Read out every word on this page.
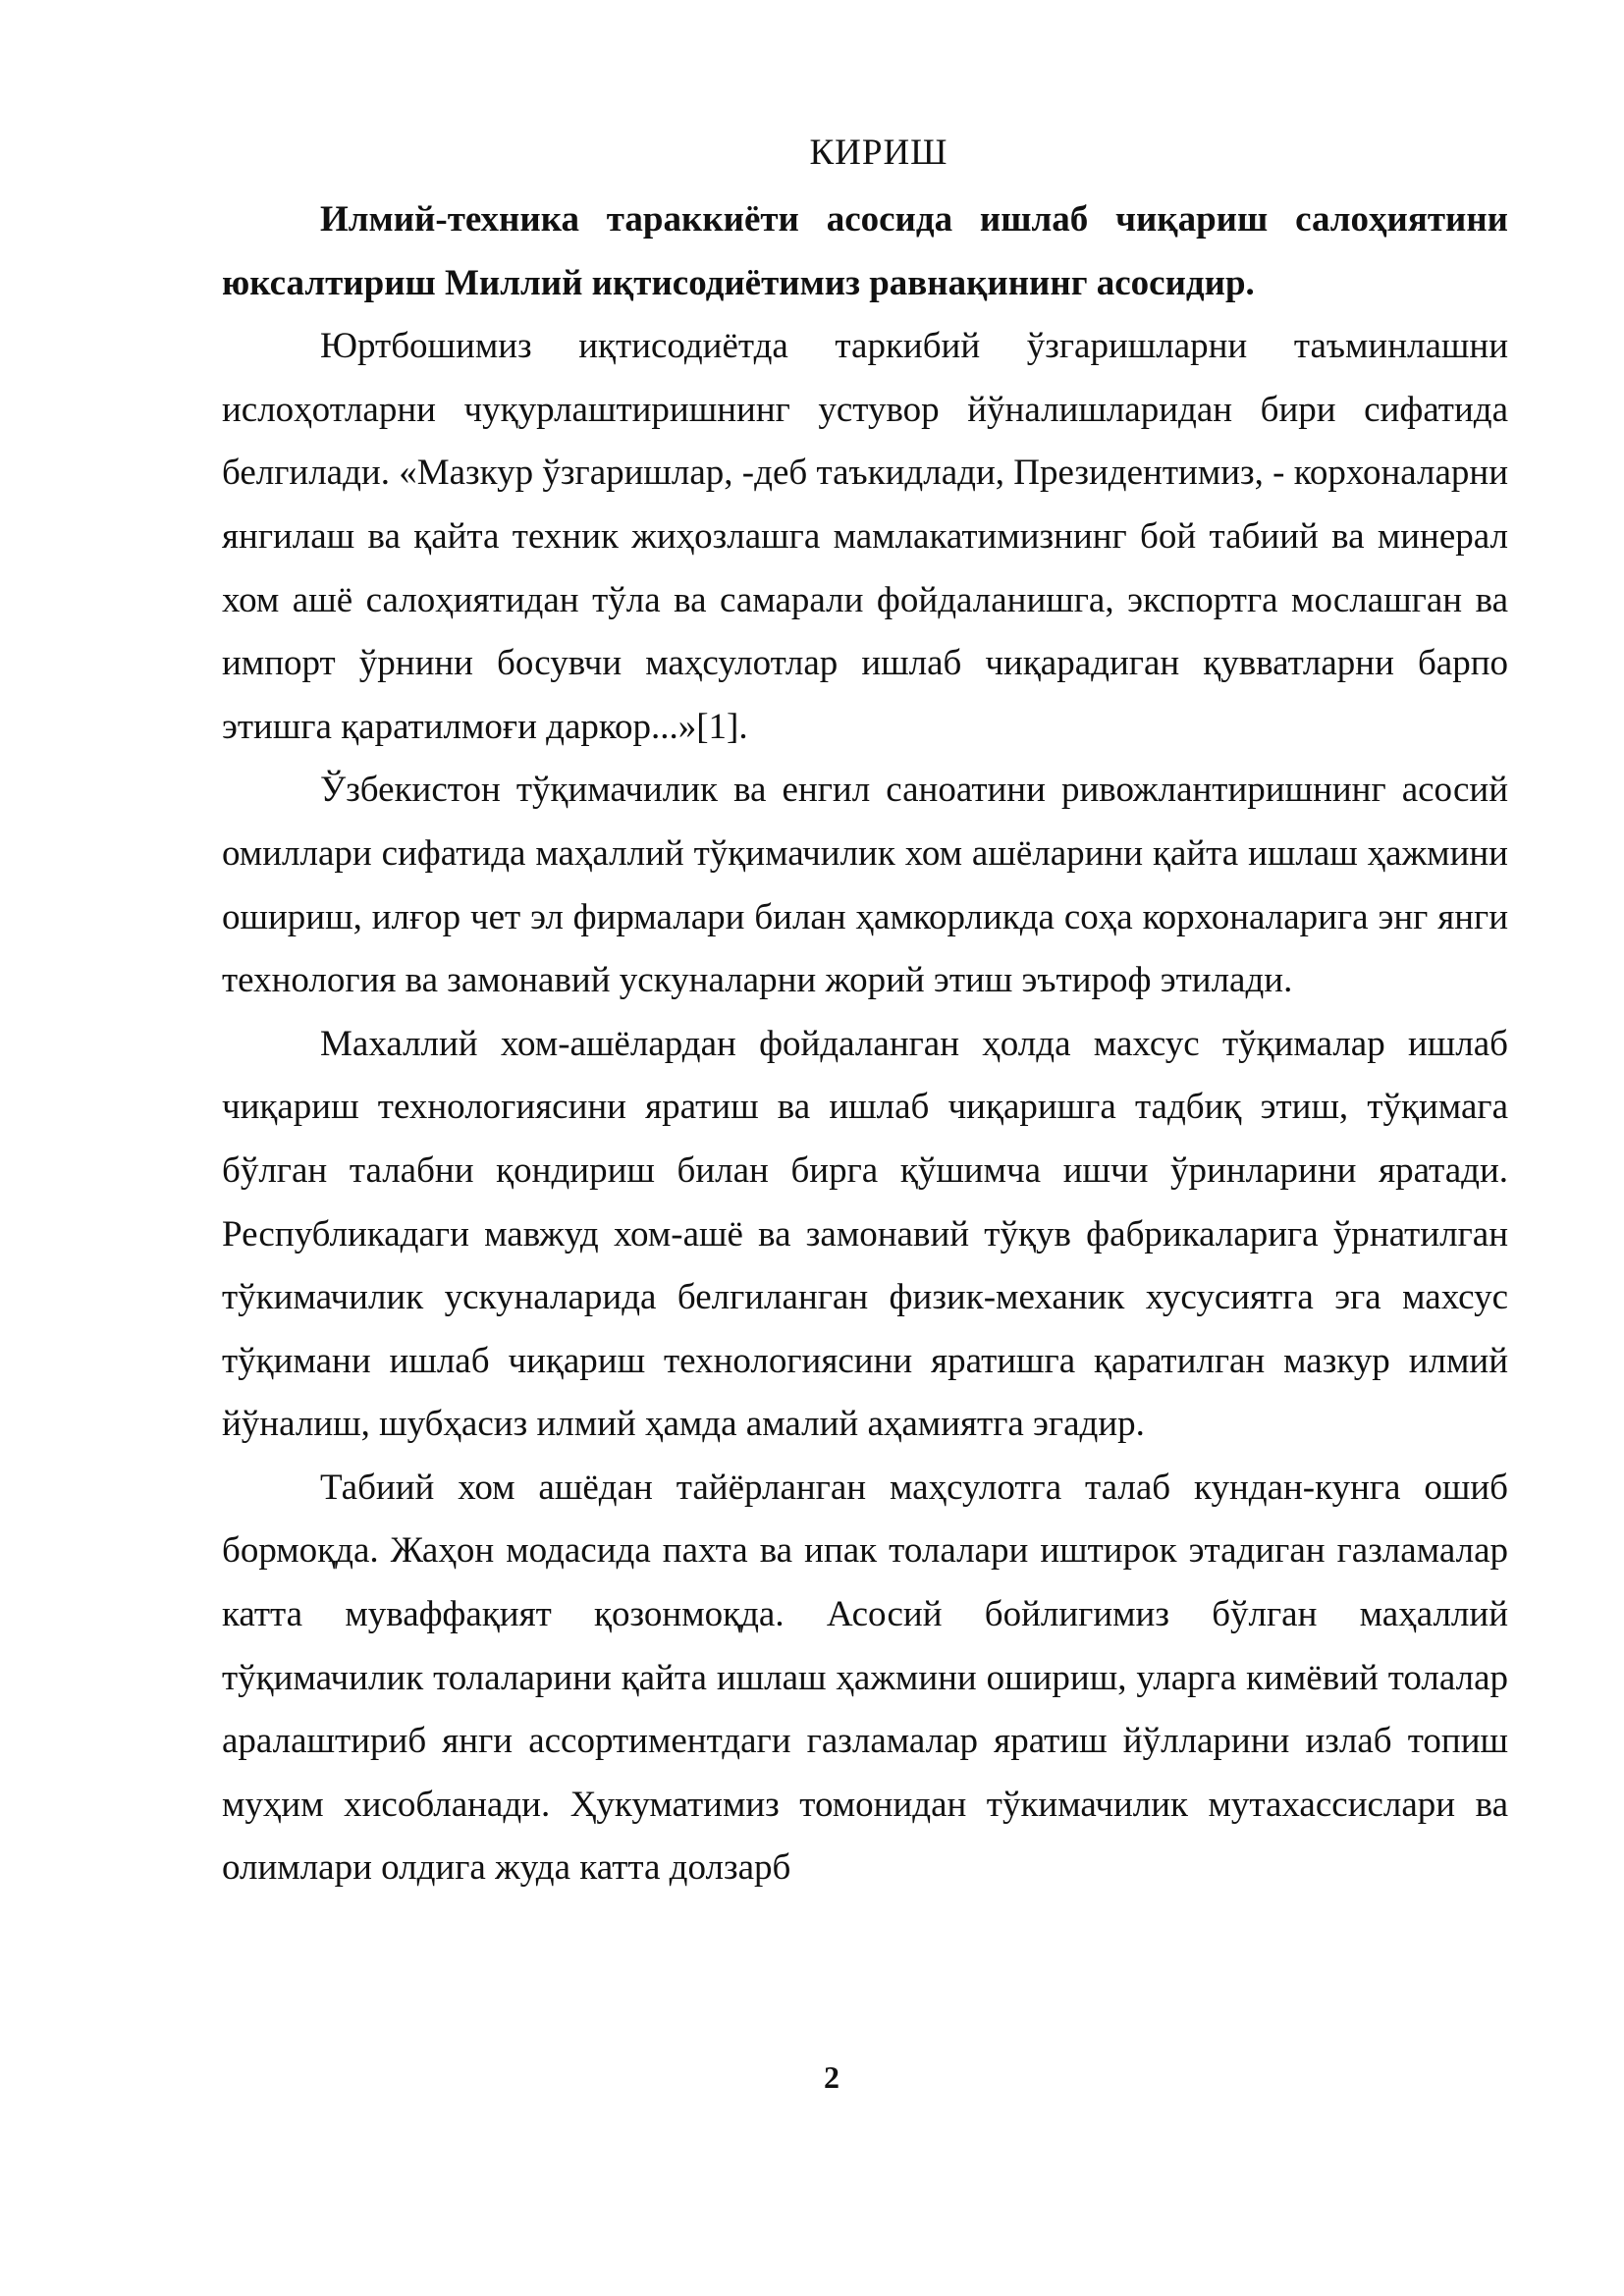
КИРИШ

Илмий-техника тараккиёти асосида ишлаб чиқариш салоҳиятини юксалтириш Миллий иқтисодиётимиз равнақининг асосидир.

Юртбошимиз иқтисодиётда таркибий ўзгаришларни таъминлашни ислоҳотларни чуқурлаштиришнинг устувор йўналишларидан бири сифатида белгилади. «Мазкур ўзгаришлар, -деб таъкидлади, Президентимиз, - корхоналарни янгилаш ва қайта техник жиҳозлашга мамлакатимизнинг бой табиий ва минерал хом ашё салоҳиятидан тўла ва самарали фойдаланишга, экспортга мослашган ва импорт ўрнини босувчи маҳсулотлар ишлаб чиқарадиган қувватларни барпо этишга қаратилмоғи даркор...»[1].

Ўзбекистон тўқимачилик ва енгил саноатини ривожлантиришнинг асосий омиллари сифатида маҳаллий тўқимачилик хом ашёларини қайта ишлаш ҳажмини ошириш, илғор чет эл фирмалари билан ҳамкорликда соҳа корхоналарига энг янги технология ва замонавий ускуналарни жорий этиш эътироф этилади.

Махаллий хом-ашёлардан фойдаланган ҳолда махсус тўқималар ишлаб чиқариш технологиясини яратиш ва ишлаб чиқаришга тадбиқ этиш, тўқимага бўлган талабни қондириш билан бирга қўшимча ишчи ўринларини яратади. Республикадаги мавжуд хом-ашё ва замонавий тўқув фабрикаларига ўрнатилган тўкимачилик ускуналарида белгиланган физик-механик хусусиятга эга махсус тўқимани ишлаб чиқариш технологиясини яратишга қаратилган мазкур илмий йўналиш, шубҳасиз илмий ҳамда амалий аҳамиятга эгадир.

Табиий хом ашёдан тайёрланган маҳсулотга талаб кундан-кунга ошиб бормоқда. Жаҳон модасида пахта ва ипак толалари иштирок этадиган газламалар катта муваффақият қозонмоқда. Асосий бойлигимиз бўлган маҳаллий тўқимачилик толаларини қайта ишлаш ҳажмини ошириш, уларга кимёвий толалар аралаштириб янги ассортиментдаги газламалар яратиш йўлларини излаб топиш муҳим хисобланади. Ҳукуматимиз томонидан тўкимачилик мутахассислари ва олимлари олдига жуда катта долзарб

2
